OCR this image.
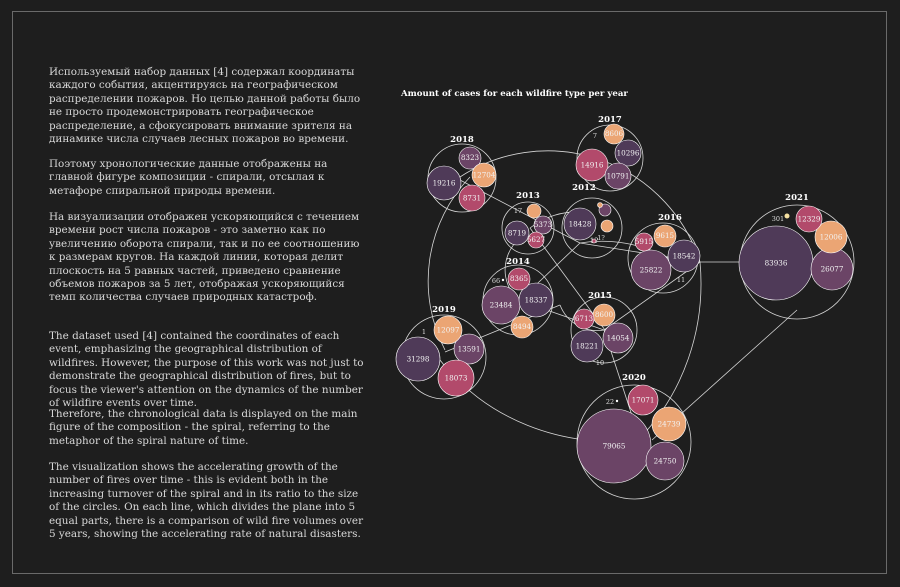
Используемый набор данных [4] содержал координаты каждого события, акцентируясь на географическом распределении пожаров. Но целью данной работы было не просто продемонстрировать географическое распределение, а сфокусировать внимание зрителя на динамике числа случаев лесных пожаров во времени.

Поэтому хронологические данные отображены на главной фигуре композиции - спирали, отсылая к метафоре спиральной природы времени.

На визуализации отображен ускоряющийся с течением времени рост числа пожаров - это заметно как по увеличению оборота спирали, так и по ее соотношению к размерам кругов. На каждой линии, которая делит плоскость на 5 равных частей, приведено сравнение объемов пожаров за 5 лет, отображая ускоряющийся темп количества случаев природных катастроф.

The dataset used [4] contained the coordinates of each event, emphasizing the geographical distribution of wildfires. However, the purpose of this work was not just to demonstrate the geographical distribution of fires, but to focus the viewer's attention on the dynamics of the number of wildfire events over time.

Therefore, the chronological data is displayed on the main figure of the composition - the spiral, referring to the metaphor of the spiral nature of time.

The visualization shows the accelerating growth of the number of fires over time - this is evident both in the increasing turnover of the spiral and in its ratio to the size of the circles. On each line, which divides the plane into 5 equal parts, there is a comparison of wild fire volumes over 5 years, showing the accelerating rate of natural disasters.

Amount of cases for each wildfire type per year
2012
18428
1?
1?
2013
8719
5373
5627
17
2014
23484
18337
8365
8494
66
2015
18221
14054
8600
6713
10
2016
25822
18542
9615
5915
11
2017
14916
10296
10791
8606
7
2018
19216
8323
12704
8731
2019
31298
13591
18073
12097
1
2020
79065
24750
24739
17071
22
2021
83936
26077
12006
12329
301
